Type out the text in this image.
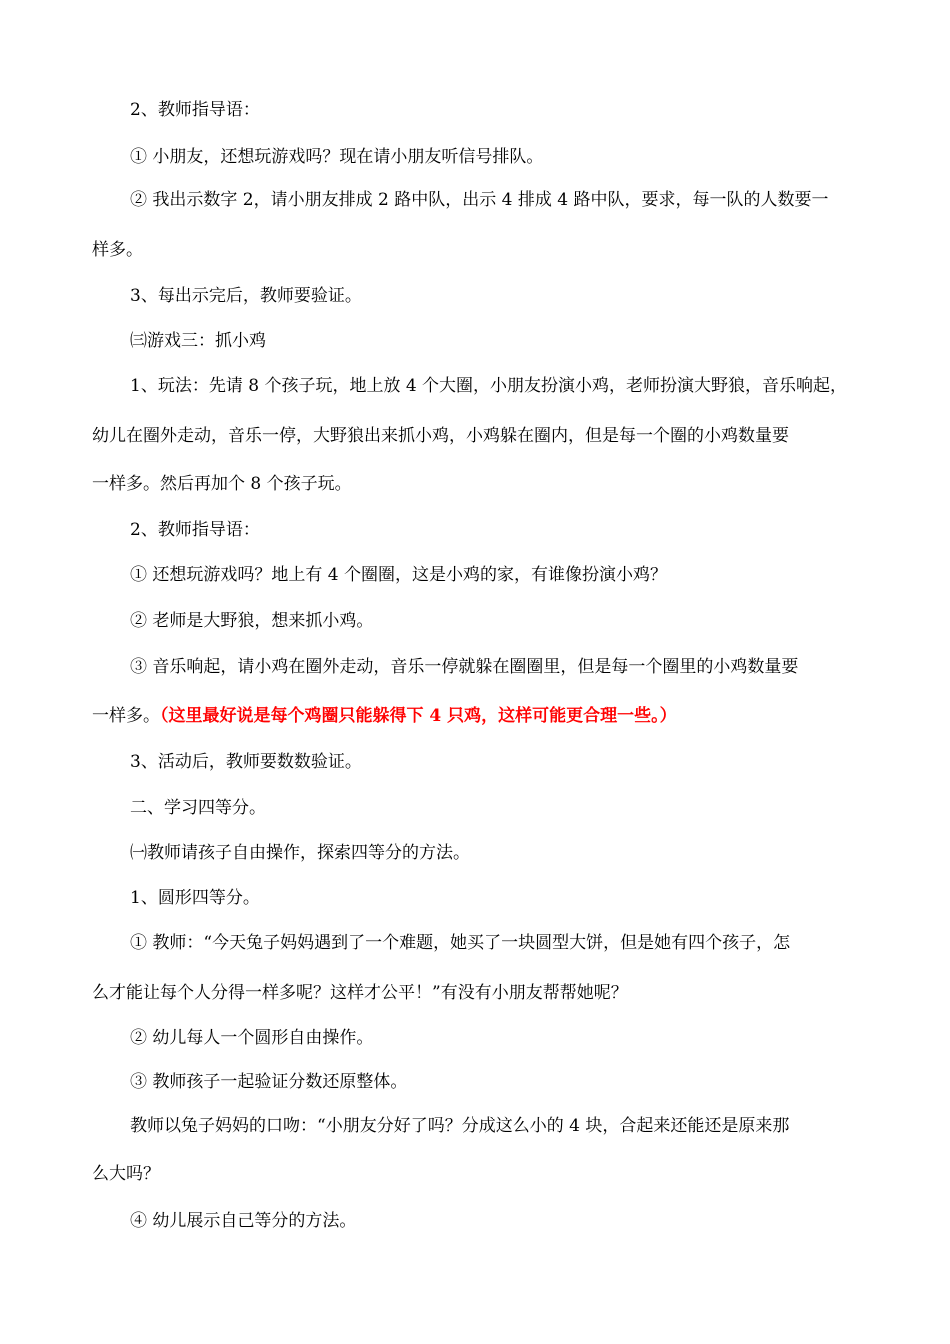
2、教师指导语：
① 小朋友，还想玩游戏吗？现在请小朋友听信号排队。
② 我出示数字 2，请小朋友排成 2 路中队，出示 4 排成 4 路中队，要求，每一队的人数要一
样多。
3、每出示完后，教师要验证。
㈢游戏三：抓小鸡
1、玩法：先请 8 个孩子玩，地上放 4 个大圈，小朋友扮演小鸡，老师扮演大野狼，音乐响起，
幼儿在圈外走动，音乐一停，大野狼出来抓小鸡，小鸡躲在圈内，但是每一个圈的小鸡数量要
一样多。然后再加个 8 个孩子玩。
2、教师指导语：
① 还想玩游戏吗？地上有 4 个圈圈，这是小鸡的家，有谁像扮演小鸡？
② 老师是大野狼，想来抓小鸡。
③ 音乐响起，请小鸡在圈外走动，音乐一停就躲在圈圈里，但是每一个圈里的小鸡数量要
一样多。（这里最好说是每个鸡圈只能躲得下 4 只鸡，这样可能更合理一些。）
3、活动后，教师要数数验证。
二、学习四等分。
㈠教师请孩子自由操作，探索四等分的方法。
1、圆形四等分。
① 教师：“今天兔子妈妈遇到了一个难题，她买了一块圆型大饼，但是她有四个孩子，怎
么才能让每个人分得一样多呢？这样才公平！”有没有小朋友帮帮她呢？
② 幼儿每人一个圆形自由操作。
③ 教师孩子一起验证分数还原整体。
教师以兔子妈妈的口吻：“小朋友分好了吗？分成这么小的 4 块，合起来还能还是原来那
么大吗？
④ 幼儿展示自己等分的方法。
